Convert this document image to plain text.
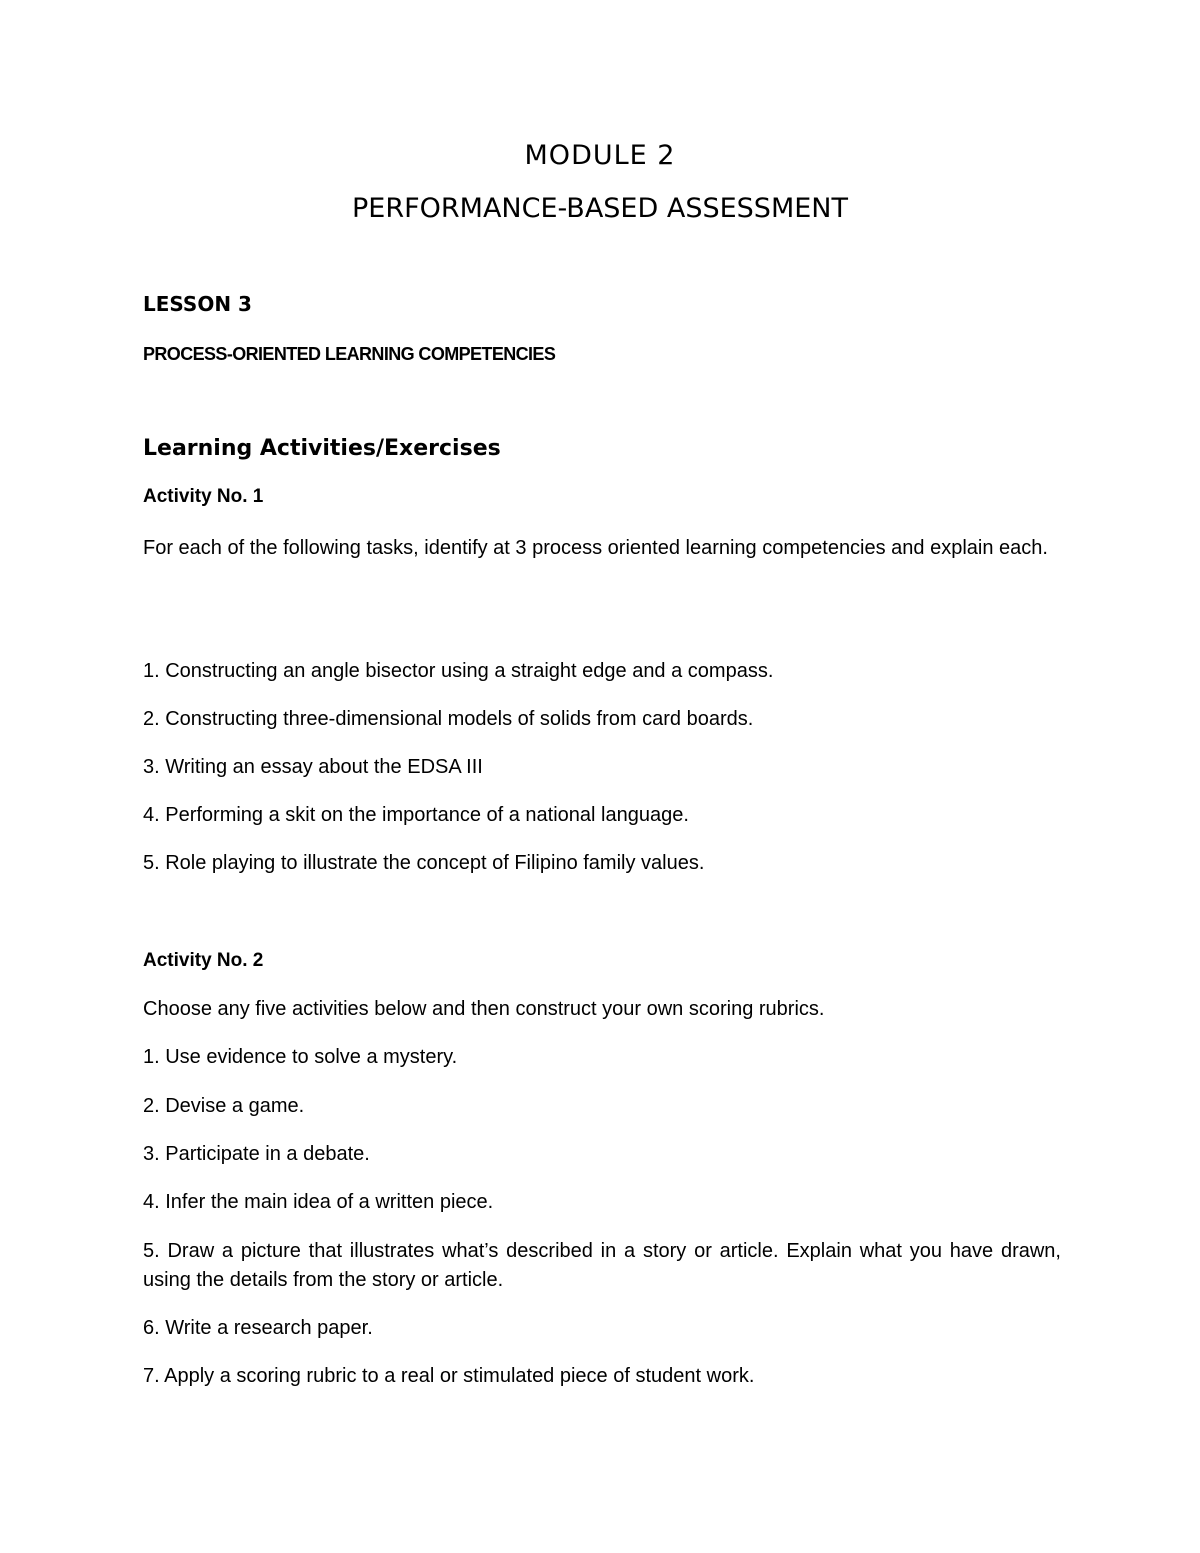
MODULE 2

PERFORMANCE-BASED ASSESSMENT

LESSON 3

PROCESS-ORIENTED LEARNING COMPETENCIES

Learning Activities/Exercises

Activity No. 1

For each of the following tasks, identify at 3 process oriented learning competencies and explain each.

1. Constructing an angle bisector using a straight edge and a compass.

2. Constructing three-dimensional models of solids from card boards.

3. Writing an essay about the EDSA III

4. Performing a skit on the importance of a national language.

5. Role playing to illustrate the concept of Filipino family values.

Activity No. 2

Choose any five activities below and then construct your own scoring rubrics.

1. Use evidence to solve a mystery.

2. Devise a game.

3. Participate in a debate.

4. Infer the main idea of a written piece.

5. Draw a picture that illustrates what’s described in a story or article. Explain what you have drawn, using the details from the story or article.

6. Write a research paper.

7. Apply a scoring rubric to a real or stimulated piece of student work.
